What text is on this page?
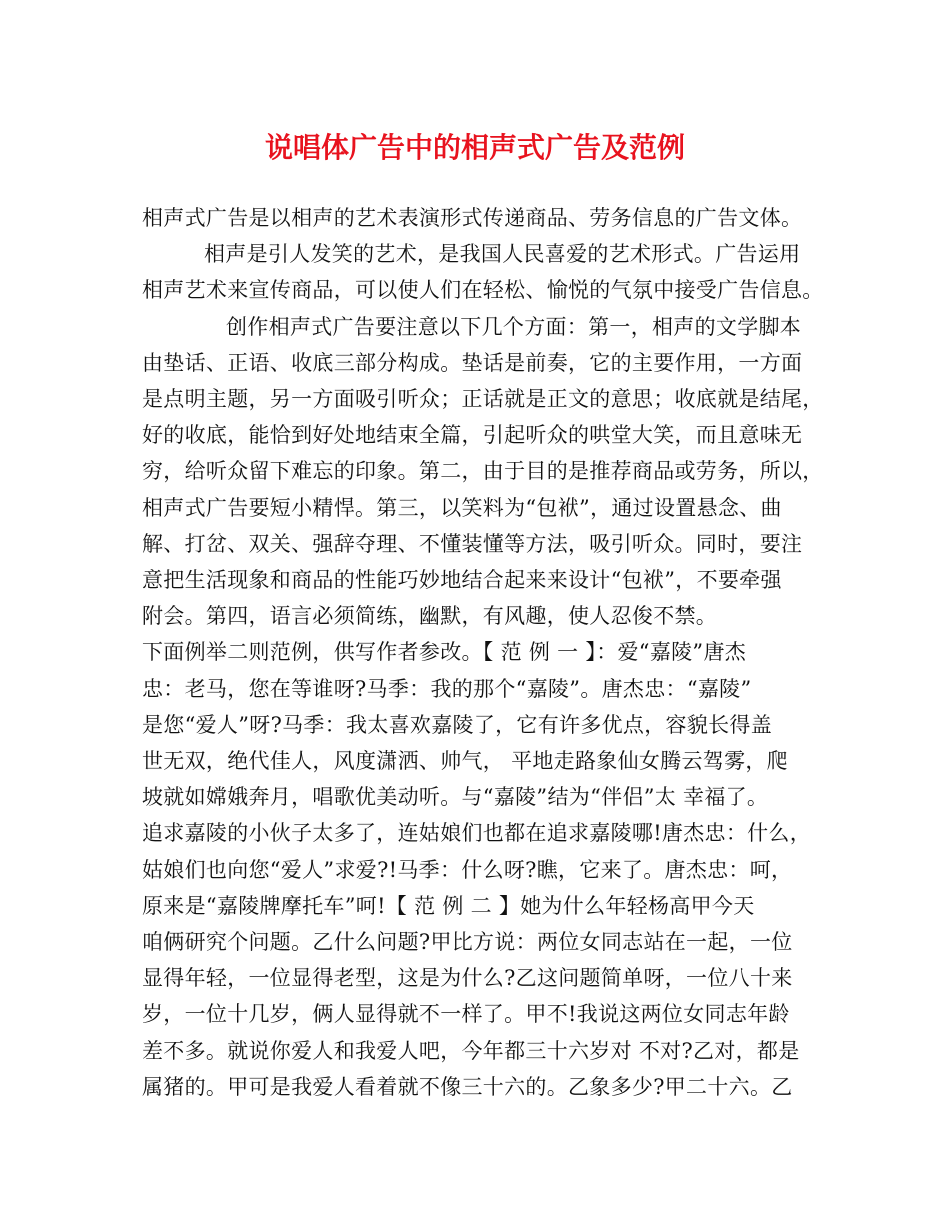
说唱体广告中的相声式广告及范例
相声式广告是以相声的艺术表演形式传递商品、劳务信息的广告文体。
相声是引人发笑的艺术，是我国人民喜爱的艺术形式。广告运用
相声艺术来宣传商品，可以使人们在轻松、愉悦的气氛中接受广告信息。
创作相声式广告要注意以下几个方面：第一，相声的文学脚本
由垫话、正语、收底三部分构成。垫话是前奏，它的主要作用，一方面
是点明主题，另一方面吸引听众；正话就是正文的意思；收底就是结尾，
好的收底，能恰到好处地结束全篇，引起听众的哄堂大笑，而且意味无
穷，给听众留下难忘的印象。第二，由于目的是推荐商品或劳务，所以，
相声式广告要短小精悍。第三，以笑料为“包袱”，通过设置悬念、曲
解、打岔、双关、强辞夺理、不懂装懂等方法，吸引听众。同时，要注
意把生活现象和商品的性能巧妙地结合起来来设计“包袱”，不要牵强
附会。第四，语言必须简练，幽默，有风趣，使人忍俊不禁。
下面例举二则范例，供写作者参改。【 范 例 一 】：爱“嘉陵”唐杰
忠：老马，您在等谁呀?马季：我的那个“嘉陵”。唐杰忠：“嘉陵”
是您“爱人”呀?马季：我太喜欢嘉陵了，它有许多优点，容貌长得盖
世无双，绝代佳人，风度潇洒、帅气， 平地走路象仙女腾云驾雾，爬
坡就如嫦娥奔月，唱歌优美动听。与“嘉陵”结为“伴侣”太 幸福了。
追求嘉陵的小伙子太多了，连姑娘们也都在追求嘉陵哪!唐杰忠：什么，
姑娘们也向您“爱人”求爱?!马季：什么呀?瞧，它来了。唐杰忠：呵，
原来是“嘉陵牌摩托车”呵!【 范 例 二 】她为什么年轻杨高甲今天
咱俩研究个问题。乙什么问题?甲比方说：两位女同志站在一起，一位
显得年轻，一位显得老型，这是为什么?乙这问题简单呀，一位八十来
岁，一位十几岁，俩人显得就不一样了。甲不!我说这两位女同志年龄
差不多。就说你爱人和我爱人吧，今年都三十六岁对 不对?乙对，都是
属猪的。甲可是我爱人看着就不像三十六的。乙象多少?甲二十六。乙
